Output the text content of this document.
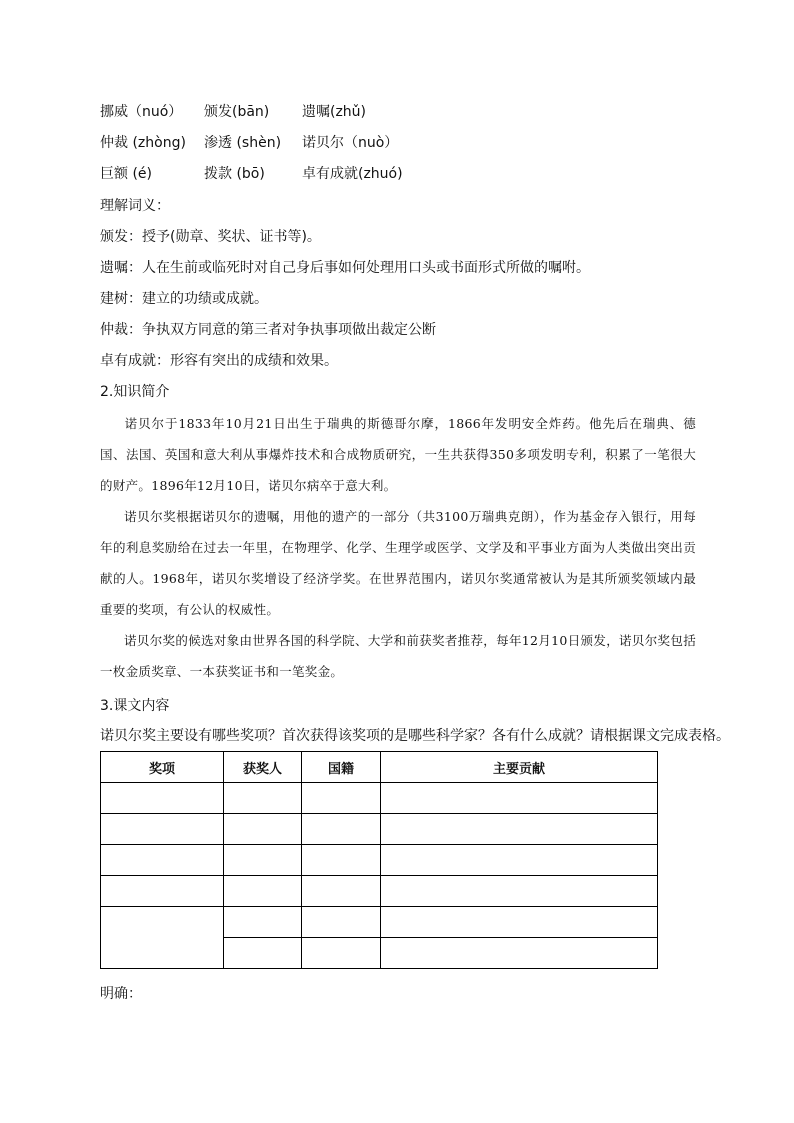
挪威（nuó） 颁发(bān) 遗嘱(zhǔ)
仲裁 (zhòng) 渗透 (shèn) 诺贝尔（nuò）
巨额 (é)	拨款 (bō)	卓有成就(zhuó)
理解词义：
颁发：授予(勋章、奖状、证书等)。
遗嘱：人在生前或临死时对自己身后事如何处理用口头或书面形式所做的嘱咐。
建树：建立的功绩或成就。
仲裁：争执双方同意的第三者对争执事项做出裁定公断
卓有成就：形容有突出的成绩和效果。
2.知识简介
诺贝尔于1833年10月21日出生于瑞典的斯德哥尔摩，1866年发明安全炸药。他先后在瑞典、德国、法国、英国和意大利从事爆炸技术和合成物质研究，一生共获得350多项发明专利，积累了一笔很大的财产。1896年12月10日，诺贝尔病卒于意大利。
诺贝尔奖根据诺贝尔的遗嘱，用他的遗产的一部分（共3100万瑞典克朗），作为基金存入银行，用每年的利息奖励给在过去一年里，在物理学、化学、生理学或医学、文学及和平事业方面为人类做出突出贡献的人。1968年，诺贝尔奖增设了经济学奖。在世界范围内，诺贝尔奖通常被认为是其所颁奖领域内最重要的奖项，有公认的权威性。
诺贝尔奖的候选对象由世界各国的科学院、大学和前获奖者推荐，每年12月10日颁发，诺贝尔奖包括一枚金质奖章、一本获奖证书和一笔奖金。
3.课文内容
诺贝尔奖主要设有哪些奖项？首次获得该奖项的是哪些科学家？各有什么成就？请根据课文完成表格。
奖项	获奖人	国籍	主要贡献

明确：
